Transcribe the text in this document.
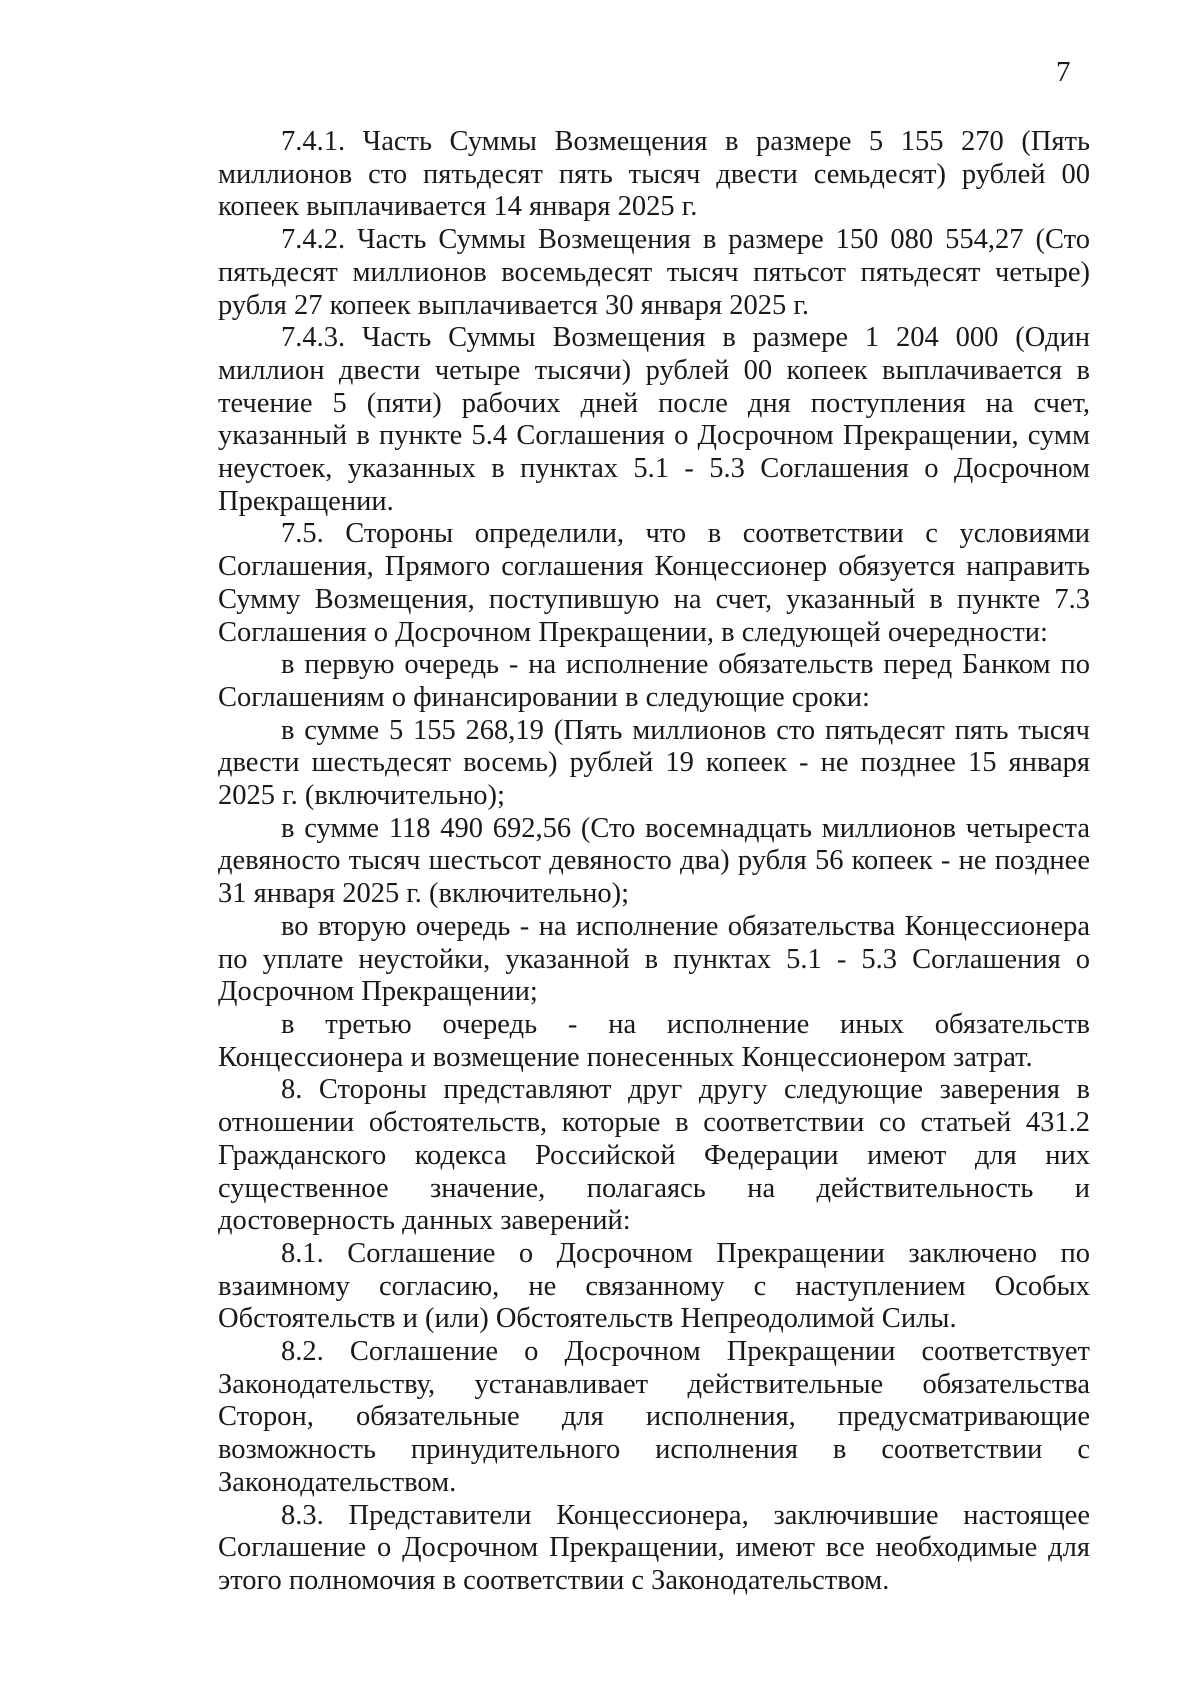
7

7.4.1. Часть Суммы Возмещения в размере 5 155 270 (Пять миллионов сто пятьдесят пять тысяч двести семьдесят) рублей 00 копеек выплачивается 14 января 2025 г.

7.4.2. Часть Суммы Возмещения в размере 150 080 554,27 (Сто пятьдесят миллионов восемьдесят тысяч пятьсот пятьдесят четыре) рубля 27 копеек выплачивается 30 января 2025 г.

7.4.3. Часть Суммы Возмещения в размере 1 204 000 (Один миллион двести четыре тысячи) рублей 00 копеек выплачивается в течение 5 (пяти) рабочих дней после дня поступления на счет, указанный в пункте 5.4 Соглашения о Досрочном Прекращении, сумм неустоек, указанных в пунктах 5.1 - 5.3 Соглашения о Досрочном Прекращении.

7.5. Стороны определили, что в соответствии с условиями Соглашения, Прямого соглашения Концессионер обязуется направить Сумму Возмещения, поступившую на счет, указанный в пункте 7.3 Соглашения о Досрочном Прекращении, в следующей очередности:

в первую очередь - на исполнение обязательств перед Банком по Соглашениям о финансировании в следующие сроки:

в сумме 5 155 268,19 (Пять миллионов сто пятьдесят пять тысяч двести шестьдесят восемь) рублей 19 копеек - не позднее 15 января 2025 г. (включительно);

в сумме 118 490 692,56 (Сто восемнадцать миллионов четыреста девяносто тысяч шестьсот девяносто два) рубля 56 копеек - не позднее 31 января 2025 г. (включительно);

во вторую очередь - на исполнение обязательства Концессионера по уплате неустойки, указанной в пунктах 5.1 - 5.3 Соглашения о Досрочном Прекращении;

в третью очередь - на исполнение иных обязательств Концессионера и возмещение понесенных Концессионером затрат.

8. Стороны представляют друг другу следующие заверения в отношении обстоятельств, которые в соответствии со статьей 431.2 Гражданского кодекса Российской Федерации имеют для них существенное значение, полагаясь на действительность и достоверность данных заверений:

8.1. Соглашение о Досрочном Прекращении заключено по взаимному согласию, не связанному с наступлением Особых Обстоятельств и (или) Обстоятельств Непреодолимой Силы.

8.2. Соглашение о Досрочном Прекращении соответствует Законодательству, устанавливает действительные обязательства Сторон, обязательные для исполнения, предусматривающие возможность принудительного исполнения в соответствии с Законодательством.

8.3. Представители Концессионера, заключившие настоящее Соглашение о Досрочном Прекращении, имеют все необходимые для этого полномочия в соответствии с Законодательством.
